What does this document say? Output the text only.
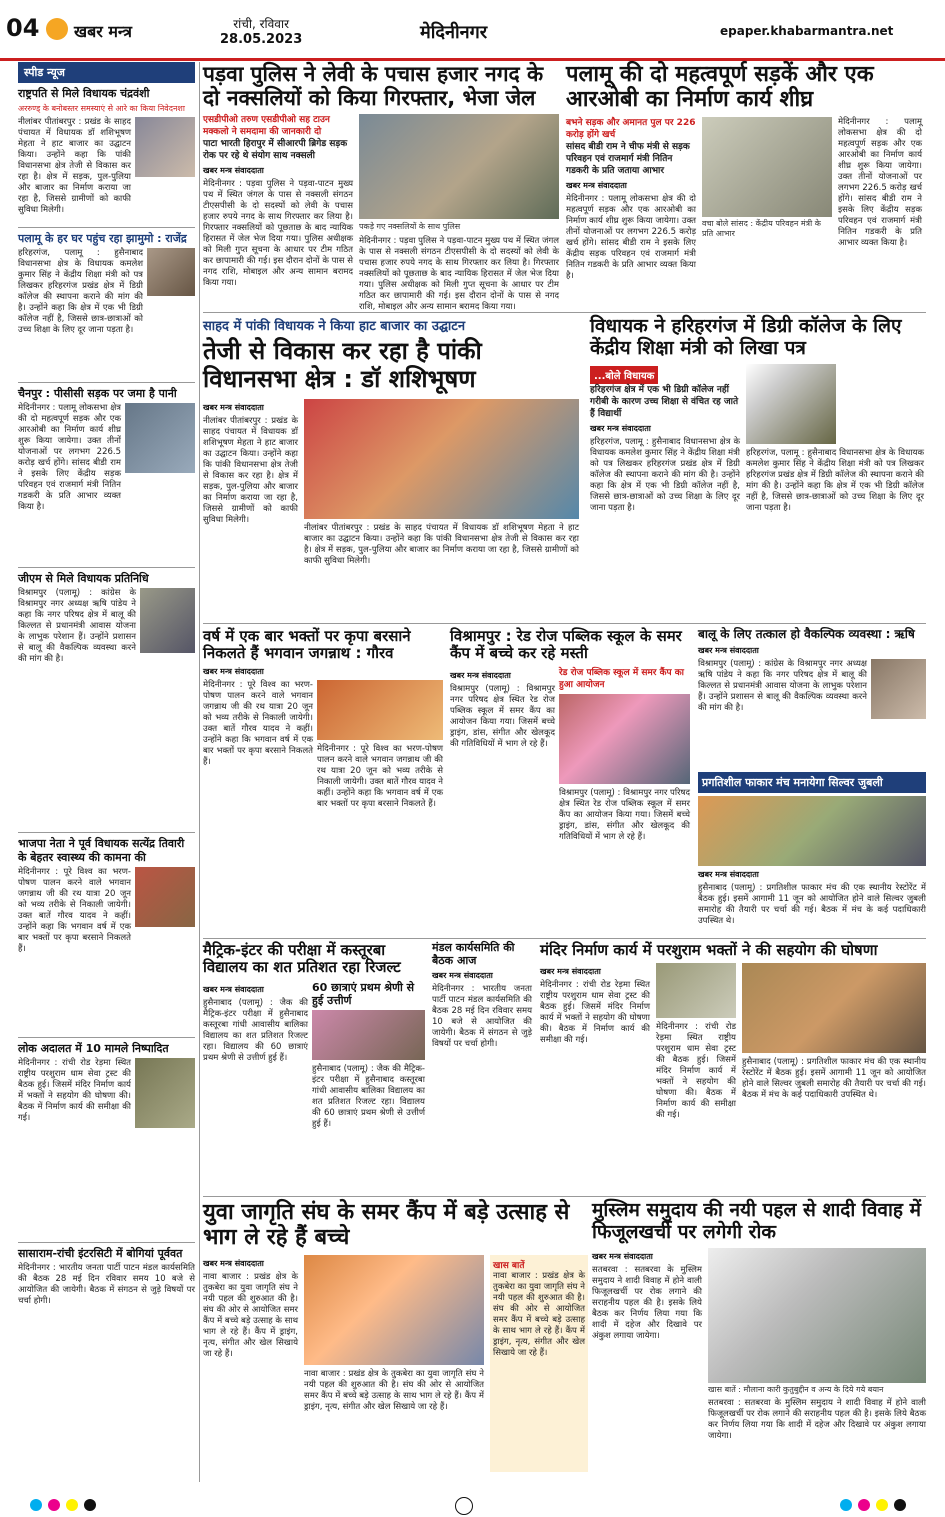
04 खबर मन्त्र	रांची, रविवार
28.05.2023	मेदिनीनगर	epaper.khabarmantra.net
स्पीड न्यूज

राष्ट्रपति से मिले विधायक चंद्रवंशी

अररुण्ड् के बनोबस्तर समस्याएं से आरे का किया निवेदनशा
नीलांबर पीतांबरपुर : प्रखंड के साहद पंचायत में विधायक डॉ शशिभूषण मेहता ने हाट बाजार का उद्घाटन किया। उन्होंने कहा कि पांकी विधानसभा क्षेत्र तेजी से विकास कर रहा है। क्षेत्र में सड़क, पुल-पुलिया और बाजार का निर्माण कराया जा रहा है, जिससे ग्रामीणों को काफी सुविधा मिलेगी।

पलामू के हर घर पहुंच रहा झामुमो : राजेंद्र

हरिहरगंज, पलामू : हुसैनाबाद विधानसभा क्षेत्र के विधायक कमलेश कुमार सिंह ने केंद्रीय शिक्षा मंत्री को पत्र लिखकर हरिहरगंज प्रखंड क्षेत्र में डिग्री कॉलेज की स्थापना कराने की मांग की है। उन्होंने कहा कि क्षेत्र में एक भी डिग्री कॉलेज नहीं है, जिससे छात्र-छात्राओं को उच्च शिक्षा के लिए दूर जाना पड़ता है।

चैनपुर : पीसीसी सड़क पर जमा है पानी

मेदिनीनगर : पलामू लोकसभा क्षेत्र की दो महत्वपूर्ण सड़क और एक आरओबी का निर्माण कार्य शीघ्र शुरू किया जायेगा। उक्त तीनों योजनाओं पर लगभग 226.5 करोड़ खर्च होंगे। सांसद बीडी राम ने इसके लिए केंद्रीय सड़क परिवहन एवं राजमार्ग मंत्री नितिन गडकरी के प्रति आभार व्यक्त किया है।

जीएम से मिले विधायक प्रतिनिधि

विश्रामपुर (पलामू) : कांग्रेस के विश्रामपुर नगर अध्यक्ष ऋषि पांडेय ने कहा कि नगर परिषद क्षेत्र में बालू की किल्लत से प्रधानमंत्री आवास योजना के लाभुक परेशान हैं। उन्होंने प्रशासन से बालू की वैकल्पिक व्यवस्था करने की मांग की है।

भाजपा नेता ने पूर्व विधायक सत्येंद्र तिवारी के बेहतर स्वास्थ्य की कामना की

मेदिनीनगर : पूरे विश्व का भरण-पोषण पालन करने वाले भगवान जगन्नाथ जी की रथ यात्रा 20 जून को भव्य तरीके से निकाली जायेगी। उक्त बातें गौरव यादव ने कहीं। उन्होंने कहा कि भगवान वर्ष में एक बार भक्तों पर कृपा बरसाने निकलते हैं।

लोक अदालत में 10 मामले निष्पादित

मेदिनीनगर : रांची रोड रेड़मा स्थित राष्ट्रीय परशुराम धाम सेवा ट्रस्ट की बैठक हुई। जिसमें मंदिर निर्माण कार्य में भक्तों ने सहयोग की घोषणा की। बैठक में निर्माण कार्य की समीक्षा की गई।

सासाराम-रांची इंटरसिटी में बोगियां पूर्ववत

मेदिनीनगर : भारतीय जनता पार्टी पाटन मंडल कार्यसमिति की बैठक 28 मई दिन रविवार समय 10 बजे से आयोजित की जायेगी। बैठक में संगठन से जुड़े विषयों पर चर्चा होगी।
पड़वा पुलिस ने लेवी के पचास हजार नगद के दो नक्सलियों को किया गिरफ्तार, भेजा जेल
एसडीपीओ तरुण एसडीपीओ सह टाउन मक्कलो ने समदामा की जानकारी दो
पाटा भारती हिरापुर में सीआरपी ब्रिगेड सड़क रोक पर रहे थे संयोग साथ नक्सली
खबर मन्त्र संवाददाता
मेदिनीनगर : पड़वा पुलिस ने पड़वा-पाटन मुख्य पथ में स्थित जंगल के पास से नक्सली संगठन टीएसपीसी के दो सदस्यों को लेवी के पचास हजार रुपये नगद के साथ गिरफ्तार कर लिया है। गिरफ्तार नक्सलियों को पूछताछ के बाद न्यायिक हिरासत में जेल भेज दिया गया। पुलिस अधीक्षक को मिली गुप्त सूचना के आधार पर टीम गठित कर छापामारी की गई। इस दौरान दोनों के पास से नगद राशि, मोबाइल और अन्य सामान बरामद किया गया।
पकड़े गए नक्सलियों के साथ पुलिस
मेदिनीनगर : पड़वा पुलिस ने पड़वा-पाटन मुख्य पथ में स्थित जंगल के पास से नक्सली संगठन टीएसपीसी के दो सदस्यों को लेवी के पचास हजार रुपये नगद के साथ गिरफ्तार कर लिया है। गिरफ्तार नक्सलियों को पूछताछ के बाद न्यायिक हिरासत में जेल भेज दिया गया। पुलिस अधीक्षक को मिली गुप्त सूचना के आधार पर टीम गठित कर छापामारी की गई। इस दौरान दोनों के पास से नगद राशि, मोबाइल और अन्य सामान बरामद किया गया।
पलामू की दो महत्वपूर्ण सड़कें और एक आरओबी का निर्माण कार्य शीघ्र
बभने सड़क और अमानत पुल पर 226 करोड़ होंगे खर्च
सांसद बीडी राम ने चीफ मंत्री से सड़क परिवहन एवं राजमार्ग मंत्री नितिन गडकरी के प्रति जताया आभार
खबर मन्त्र संवाददाता
मेदिनीनगर : पलामू लोकसभा क्षेत्र की दो महत्वपूर्ण सड़क और एक आरओबी का निर्माण कार्य शीघ्र शुरू किया जायेगा। उक्त तीनों योजनाओं पर लगभग 226.5 करोड़ खर्च होंगे। सांसद बीडी राम ने इसके लिए केंद्रीय सड़क परिवहन एवं राजमार्ग मंत्री नितिन गडकरी के प्रति आभार व्यक्त किया है।
वचा बोले सांसद : केंद्रीय परिवहन मंत्री के प्रति आभार
मेदिनीनगर : पलामू लोकसभा क्षेत्र की दो महत्वपूर्ण सड़क और एक आरओबी का निर्माण कार्य शीघ्र शुरू किया जायेगा। उक्त तीनों योजनाओं पर लगभग 226.5 करोड़ खर्च होंगे। सांसद बीडी राम ने इसके लिए केंद्रीय सड़क परिवहन एवं राजमार्ग मंत्री नितिन गडकरी के प्रति आभार व्यक्त किया है।
साहद में पांकी विधायक ने किया हाट बाजार का उद्घाटन
तेजी से विकास कर रहा है पांकी विधानसभा क्षेत्र : डॉ शशिभूषण
खबर मन्त्र संवाददाता
नीलांबर पीतांबरपुर : प्रखंड के साहद पंचायत में विधायक डॉ शशिभूषण मेहता ने हाट बाजार का उद्घाटन किया। उन्होंने कहा कि पांकी विधानसभा क्षेत्र तेजी से विकास कर रहा है। क्षेत्र में सड़क, पुल-पुलिया और बाजार का निर्माण कराया जा रहा है, जिससे ग्रामीणों को काफी सुविधा मिलेगी।
नीलांबर पीतांबरपुर : प्रखंड के साहद पंचायत में विधायक डॉ शशिभूषण मेहता ने हाट बाजार का उद्घाटन किया। उन्होंने कहा कि पांकी विधानसभा क्षेत्र तेजी से विकास कर रहा है। क्षेत्र में सड़क, पुल-पुलिया और बाजार का निर्माण कराया जा रहा है, जिससे ग्रामीणों को काफी सुविधा मिलेगी।
विधायक ने हरिहरगंज में डिग्री कॉलेज के लिए केंद्रीय शिक्षा मंत्री को लिखा पत्र
...बोले विधायक
हरिहरगंज क्षेत्र में एक भी डिग्री कॉलेज नहीं
गरीबी के कारण उच्च शिक्षा से वंचित रह जाते हैं विद्यार्थी
खबर मन्त्र संवाददाता
हरिहरगंज, पलामू : हुसैनाबाद विधानसभा क्षेत्र के विधायक कमलेश कुमार सिंह ने केंद्रीय शिक्षा मंत्री को पत्र लिखकर हरिहरगंज प्रखंड क्षेत्र में डिग्री कॉलेज की स्थापना कराने की मांग की है। उन्होंने कहा कि क्षेत्र में एक भी डिग्री कॉलेज नहीं है, जिससे छात्र-छात्राओं को उच्च शिक्षा के लिए दूर जाना पड़ता है।
हरिहरगंज, पलामू : हुसैनाबाद विधानसभा क्षेत्र के विधायक कमलेश कुमार सिंह ने केंद्रीय शिक्षा मंत्री को पत्र लिखकर हरिहरगंज प्रखंड क्षेत्र में डिग्री कॉलेज की स्थापना कराने की मांग की है। उन्होंने कहा कि क्षेत्र में एक भी डिग्री कॉलेज नहीं है, जिससे छात्र-छात्राओं को उच्च शिक्षा के लिए दूर जाना पड़ता है।
वर्ष में एक बार भक्तों पर कृपा बरसाने निकलते हैं भगवान जगन्नाथ : गौरव
खबर मन्त्र संवाददाता
मेदिनीनगर : पूरे विश्व का भरण-पोषण पालन करने वाले भगवान जगन्नाथ जी की रथ यात्रा 20 जून को भव्य तरीके से निकाली जायेगी। उक्त बातें गौरव यादव ने कहीं। उन्होंने कहा कि भगवान वर्ष में एक बार भक्तों पर कृपा बरसाने निकलते हैं।
मेदिनीनगर : पूरे विश्व का भरण-पोषण पालन करने वाले भगवान जगन्नाथ जी की रथ यात्रा 20 जून को भव्य तरीके से निकाली जायेगी। उक्त बातें गौरव यादव ने कहीं। उन्होंने कहा कि भगवान वर्ष में एक बार भक्तों पर कृपा बरसाने निकलते हैं।
विश्रामपुर : रेड रोज पब्लिक स्कूल के समर कैंप में बच्चे कर रहे मस्ती
खबर मन्त्र संवाददाता
विश्रामपुर (पलामू) : विश्रामपुर नगर परिषद क्षेत्र स्थित रेड रोज पब्लिक स्कूल में समर कैंप का आयोजन किया गया। जिसमें बच्चे ड्राइंग, डांस, संगीत और खेलकूद की गतिविधियों में भाग ले रहे हैं।
रेड रोज पब्लिक स्कूल में समर कैंप का हुआ आयोजन
विश्रामपुर (पलामू) : विश्रामपुर नगर परिषद क्षेत्र स्थित रेड रोज पब्लिक स्कूल में समर कैंप का आयोजन किया गया। जिसमें बच्चे ड्राइंग, डांस, संगीत और खेलकूद की गतिविधियों में भाग ले रहे हैं।
बालू के लिए तत्काल हो वैकल्पिक व्यवस्था : ऋषि
खबर मन्त्र संवाददाता
विश्रामपुर (पलामू) : कांग्रेस के विश्रामपुर नगर अध्यक्ष ऋषि पांडेय ने कहा कि नगर परिषद क्षेत्र में बालू की किल्लत से प्रधानमंत्री आवास योजना के लाभुक परेशान हैं। उन्होंने प्रशासन से बालू की वैकल्पिक व्यवस्था करने की मांग की है।
प्रगतिशील फाकार मंच मनायेगा सिल्वर जुबली
खबर मन्त्र संवाददाता
हुसैनाबाद (पलामू) : प्रगतिशील फाकार मंच की एक स्थानीय रेस्टोरेंट में बैठक हुई। इसमें आगामी 11 जून को आयोजित होने वाले सिल्वर जुबली समारोह की तैयारी पर चर्चा की गई। बैठक में मंच के कई पदाधिकारी उपस्थित थे।
मैट्रिक-इंटर की परीक्षा में कस्तूरबा विद्यालय का शत प्रतिशत रहा रिजल्ट
खबर मन्त्र संवाददाता
हुसैनाबाद (पलामू) : जैक की मैट्रिक-इंटर परीक्षा में हुसैनाबाद कस्तूरबा गांधी आवासीय बालिका विद्यालय का शत प्रतिशत रिजल्ट रहा। विद्यालय की 60 छात्राएं प्रथम श्रेणी से उत्तीर्ण हुई हैं।
60 छात्राएं प्रथम श्रेणी से हुई उत्तीर्ण
हुसैनाबाद (पलामू) : जैक की मैट्रिक-इंटर परीक्षा में हुसैनाबाद कस्तूरबा गांधी आवासीय बालिका विद्यालय का शत प्रतिशत रिजल्ट रहा। विद्यालय की 60 छात्राएं प्रथम श्रेणी से उत्तीर्ण हुई हैं।
मंडल कार्यसमिति की बैठक आज
खबर मन्त्र संवाददाता
मेदिनीनगर : भारतीय जनता पार्टी पाटन मंडल कार्यसमिति की बैठक 28 मई दिन रविवार समय 10 बजे से आयोजित की जायेगी। बैठक में संगठन से जुड़े विषयों पर चर्चा होगी।
मंदिर निर्माण कार्य में परशुराम भक्तों ने की सहयोग की घोषणा
खबर मन्त्र संवाददाता
मेदिनीनगर : रांची रोड रेड़मा स्थित राष्ट्रीय परशुराम धाम सेवा ट्रस्ट की बैठक हुई। जिसमें मंदिर निर्माण कार्य में भक्तों ने सहयोग की घोषणा की। बैठक में निर्माण कार्य की समीक्षा की गई।
मेदिनीनगर : रांची रोड रेड़मा स्थित राष्ट्रीय परशुराम धाम सेवा ट्रस्ट की बैठक हुई। जिसमें मंदिर निर्माण कार्य में भक्तों ने सहयोग की घोषणा की। बैठक में निर्माण कार्य की समीक्षा की गई।
हुसैनाबाद (पलामू) : प्रगतिशील फाकार मंच की एक स्थानीय रेस्टोरेंट में बैठक हुई। इसमें आगामी 11 जून को आयोजित होने वाले सिल्वर जुबली समारोह की तैयारी पर चर्चा की गई। बैठक में मंच के कई पदाधिकारी उपस्थित थे।
युवा जागृति संघ के समर कैंप में बड़े उत्साह से भाग ले रहे हैं बच्चे
खबर मन्त्र संवाददाता
नावा बाजार : प्रखंड क्षेत्र के तुकबेरा का युवा जागृति संघ ने नयी पहल की शुरुआत की है। संघ की ओर से आयोजित समर कैंप में बच्चे बड़े उत्साह के साथ भाग ले रहे हैं। कैंप में ड्राइंग, नृत्य, संगीत और खेल सिखाये जा रहे हैं।
नावा बाजार : प्रखंड क्षेत्र के तुकबेरा का युवा जागृति संघ ने नयी पहल की शुरुआत की है। संघ की ओर से आयोजित समर कैंप में बच्चे बड़े उत्साह के साथ भाग ले रहे हैं। कैंप में ड्राइंग, नृत्य, संगीत और खेल सिखाये जा रहे हैं।
खास बातें
नावा बाजार : प्रखंड क्षेत्र के तुकबेरा का युवा जागृति संघ ने नयी पहल की शुरुआत की है। संघ की ओर से आयोजित समर कैंप में बच्चे बड़े उत्साह के साथ भाग ले रहे हैं। कैंप में ड्राइंग, नृत्य, संगीत और खेल सिखाये जा रहे हैं।
मुस्लिम समुदाय की नयी पहल से शादी विवाह में फिजूलखर्ची पर लगेगी रोक
खबर मन्त्र संवाददाता
सतबरवा : सतबरवा के मुस्लिम समुदाय ने शादी विवाह में होने वाली फिजूलखर्ची पर रोक लगाने की सराहनीय पहल की है। इसके लिये बैठक कर निर्णय लिया गया कि शादी में दहेज और दिखावे पर अंकुश लगाया जायेगा।
खास बातें : मौलाना कारी कुतुबुद्दीन व अन्य के दिये गये बयान
सतबरवा : सतबरवा के मुस्लिम समुदाय ने शादी विवाह में होने वाली फिजूलखर्ची पर रोक लगाने की सराहनीय पहल की है। इसके लिये बैठक कर निर्णय लिया गया कि शादी में दहेज और दिखावे पर अंकुश लगाया जायेगा।
